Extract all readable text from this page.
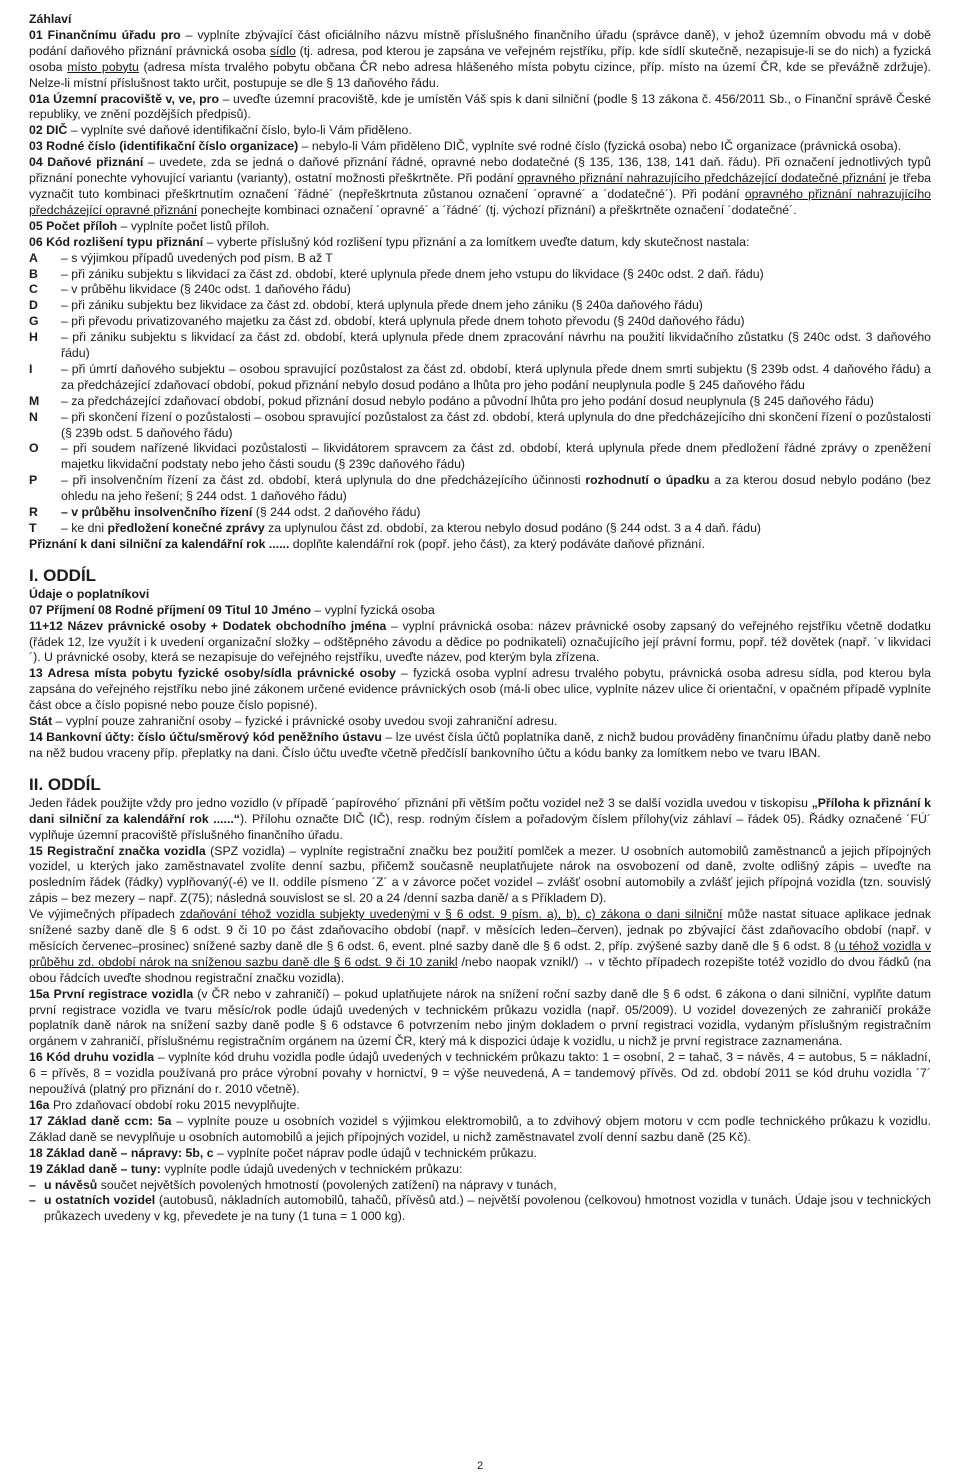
Záhlaví

01 Finančnímu úřadu pro – vyplníte zbývající část oficiálního názvu místně příslušného finančního úřadu (správce daně), v jehož územním obvodu má v době podání daňového přiznání právnická osoba sídlo (tj. adresa, pod kterou je zapsána ve veřejném rejstříku, příp. kde sídlí skutečně, nezapisuje-li se do nich) a fyzická osoba místo pobytu (adresa místa trvalého pobytu občana ČR nebo adresa hlášeného místa pobytu cizince, příp. místo na území ČR, kde se převážně zdržuje). Nelze-li místní příslušnost takto určit, postupuje se dle § 13 daňového řádu.

01a Územní pracoviště v, ve, pro – uveďte územní pracoviště, kde je umístěn Váš spis k dani silniční (podle § 13 zákona č. 456/2011 Sb., o Finanční správě České republiky, ve znění pozdějších předpisů).

02 DIČ – vyplníte své daňové identifikační číslo, bylo-li Vám přiděleno.

03 Rodné číslo (identifikační číslo organizace) – nebylo-li Vám přiděleno DIČ, vyplníte své rodné číslo (fyzická osoba) nebo IČ organizace (právnická osoba).

04 Daňové přiznání – uvedete, zda se jedná o daňové přiznání řádné, opravné nebo dodatečné (§ 135, 136, 138, 141 daň. řádu). Při označení jednotlivých typů přiznání ponechte vyhovující variantu (varianty), ostatní možnosti přeškrtněte. Při podání opravného přiznání nahrazujícího předcházející dodatečné přiznání je třeba vyznačit tuto kombinaci přeškrtnutím označení ´řádné´ (nepřeškrtnuta zůstanou označení ´opravné´ a ´dodatečné´). Při podání opravného přiznání nahrazujícího předcházející opravné přiznání ponechejte kombinaci označení ´opravné´ a ´řádné´ (tj. výchozí přiznání) a přeškrtněte označení ´dodatečné´.

05 Počet příloh – vyplníte počet listů příloh.

06 Kód rozlišení typu přiznání – vyberte příslušný kód rozlišení typu přiznání a za lomítkem uveďte datum, kdy skutečnost nastala:

A	– s výjimkou případů uvedených pod písm. B až T
B	– při zániku subjektu s likvidací za část zd. období, které uplynula přede dnem jeho vstupu do likvidace (§ 240c odst. 2 daň. řádu)
C	– v průběhu likvidace (§ 240c odst. 1 daňového řádu)
D	– při zániku subjektu bez likvidace za část zd. období, která uplynula přede dnem jeho zániku (§ 240a daňového řádu)
G	– při převodu privatizovaného majetku za část zd. období, která uplynula přede dnem tohoto převodu (§ 240d daňového řádu)
H	– při zániku subjektu s likvidací za část zd. období, která uplynula přede dnem zpracování návrhu na použití likvidačního zůstatku (§ 240c odst. 3 daňového řádu)
I	– při úmrtí daňového subjektu – osobou spravující pozůstalost za část zd. období, která uplynula přede dnem smrti subjektu (§ 239b odst. 4 daňového řádu) a za předcházející zdaňovací období, pokud přiznání nebylo dosud podáno a lhůta pro jeho podání neuplynula podle § 245 daňového řádu
M	– za předcházející zdaňovací období, pokud přiznání dosud nebylo podáno a původní lhůta pro jeho podání dosud neuplynula (§ 245 daňového řádu)
N	– při skončení řízení o pozůstalosti – osobou spravující pozůstalost za část zd. období, která uplynula do dne předcházejícího dni skončení řízení o pozůstalosti (§ 239b odst. 5 daňového řádu)
O	– při soudem nařízené likvidaci pozůstalosti – likvidátorem spravcem za část zd. období, která uplynula přede dnem předložení řádné zprávy o zpeněžení majetku likvidační podstaty nebo jeho části soudu (§ 239c daňového řádu)
P	– při insolvenčním řízení za část zd. období, která uplynula do dne předcházejícího účinnosti rozhodnutí o úpadku a za kterou dosud nebylo podáno (bez ohledu na jeho řešení; § 244 odst. 1 daňového řádu)
R	– v průběhu insolvenčního řízení (§ 244 odst. 2 daňového řádu)
T	– ke dni předložení konečné zprávy za uplynulou část zd. období, za kterou nebylo dosud podáno (§ 244 odst. 3 a 4 daň. řádu)

Přiznání k dani silniční za kalendářní rok ...... doplňte kalendářní rok (popř. jeho část), za který podáváte daňové přiznání.

I. ODDÍL

Údaje o poplatníkovi

07 Příjmení 08 Rodné příjmení 09 Titul 10 Jméno – vyplní fyzická osoba

11+12 Název právnické osoby + Dodatek obchodního jména – vyplní právnická osoba: název právnické osoby zapsaný do veřejného rejstříku včetně dodatku (řádek 12, lze využít i k uvedení organizační složky – odštěpného závodu a dědice po podnikateli) označujícího její právní formu, popř. též dovětek (např. ´v likvidaci´). U právnické osoby, která se nezapisuje do veřejného rejstříku, uveďte název, pod kterým byla zřízena.

13 Adresa místa pobytu fyzické osoby/sídla právnické osoby – fyzická osoba vyplní adresu trvalého pobytu, právnická osoba adresu sídla, pod kterou byla zapsána do veřejného rejstříku nebo jiné zákonem určené evidence právnických osob (má-li obec ulice, vyplníte název ulice či orientační, v opačném případě vyplníte část obce a číslo popisné nebo pouze číslo popisné).

Stát – vyplní pouze zahraniční osoby – fyzické i právnické osoby uvedou svoji zahraniční adresu.

14 Bankovní účty: číslo účtu/směrový kód peněžního ústavu – lze uvést čísla účtů poplatníka daně, z nichž budou prováděny finančnímu úřadu platby daně nebo na něž budou vraceny příp. přeplatky na dani. Číslo účtu uveďte včetně předčíslí bankovního účtu a kódu banky za lomítkem nebo ve tvaru IBAN.

II. ODDÍL

Jeden řádek použijte vždy pro jedno vozidlo (v případě ´papírového´ přiznání při větším počtu vozidel než 3 se další vozidla uvedou v tiskopisu „Příloha k přiznání k dani silniční za kalendářní rok ......“). Přílohu označte DIČ (IČ), resp. rodným číslem a pořadovým číslem přílohy(viz záhlaví – řádek 05). Řádky označené ´FÚ´ vyplňuje územní pracoviště příslušného finančního úřadu.

15 Registrační značka vozidla (SPZ vozidla) – vyplníte registrační značku bez použití pomlček a mezer. U osobních automobilů zaměstnanců a jejich přípojných vozidel, u kterých jako zaměstnavatel zvolíte denní sazbu, přičemž současně neuplatňujete nárok na osvobození od daně, zvolte odlišný zápis – uveďte na posledním řádek (řádky) vyplňovaný(-é) ve II. oddíle písmeno ´Z´ a v závorce počet vozidel – zvlášť osobní automobily a zvlášť jejich přípojná vozidla (tzn. souvislý zápis – bez mezery – např. Z(75); následná souvislost se sl. 20 a 24 /denní sazba daně/ a s Příkladem D).

Ve výjimečných případech zdaňování téhož vozidla subjekty uvedenými v § 6 odst. 9 písm. a), b), c) zákona o dani silniční může nastat situace aplikace jednak snížené sazby daně dle § 6 odst. 9 či 10 po část zdaňovacího období (např. v měsících leden–červen), jednak po zbývající část zdaňovacího období (např. v měsících červenec–prosinec) snížené sazby daně dle § 6 odst. 6, event. plné sazby daně dle § 6 odst. 2, příp. zvýšené sazby daně dle § 6 odst. 8 (u téhož vozidla v průběhu zd. období nárok na sníženou sazbu daně dle § 6 odst. 9 či 10 zanikl /nebo naopak vznikl/) → v těchto případech rozepište totéž vozidlo do dvou řádků (na obou řádcích uveďte shodnou registrační značku vozidla).

15a První registrace vozidla (v ČR nebo v zahraničí) – pokud uplatňujete nárok na snížení roční sazby daně dle § 6 odst. 6 zákona o dani silniční, vyplňte datum první registrace vozidla ve tvaru měsíc/rok podle údajů uvedených v technickém průkazu vozidla (např. 05/2009). U vozidel dovezených ze zahraničí prokáže poplatník daně nárok na snížení sazby daně podle § 6 odstavce 6 potvrzením nebo jiným dokladem o první registraci vozidla, vydaným příslušným registračním orgánem v zahraničí, příslušnému registračním orgánem na území ČR, který má k dispozici údaje k vozidlu, u nichž je první registrace zaznamenána.

16 Kód druhu vozidla – vyplníte kód druhu vozidla podle údajů uvedených v technickém průkazu takto: 1 = osobní, 2 = tahač, 3 = návěs, 4 = autobus, 5 = nákladní, 6 = přívěs, 8 = vozidla používaná pro práce výrobní povahy v hornictví, 9 = výše neuvedená, A = tandemový přívěs. Od zd. období 2011 se kód druhu vozidla ´7´ nepoužívá (platný pro přiznání do r. 2010 včetně).

16a Pro zdaňovací období roku 2015 nevyplňujte.

17 Základ daně ccm: 5a – vyplníte pouze u osobních vozidel s výjimkou elektromobilů, a to zdvihový objem motoru v ccm podle technického průkazu k vozidlu. Základ daně se nevyplňuje u osobních automobilů a jejich přípojných vozidel, u nichž zaměstnavatel zvolí denní sazbu daně (25 Kč).

18 Základ daně – nápravy: 5b, c – vyplníte počet náprav podle údajů v technickém průkazu.

19 Základ daně – tuny: vyplníte podle údajů uvedených v technickém průkazu:

– u návěsů součet největších povolených hmotností (povolených zatížení) na nápravy v tunách,
– u ostatních vozidel (autobusů, nákladních automobilů, tahačů, přívěsů atd.) – největší povolenou (celkovou) hmotnost vozidla v tunách. Údaje jsou v technických průkazech uvedeny v kg, převedete je na tuny (1 tuna = 1 000 kg).
2
